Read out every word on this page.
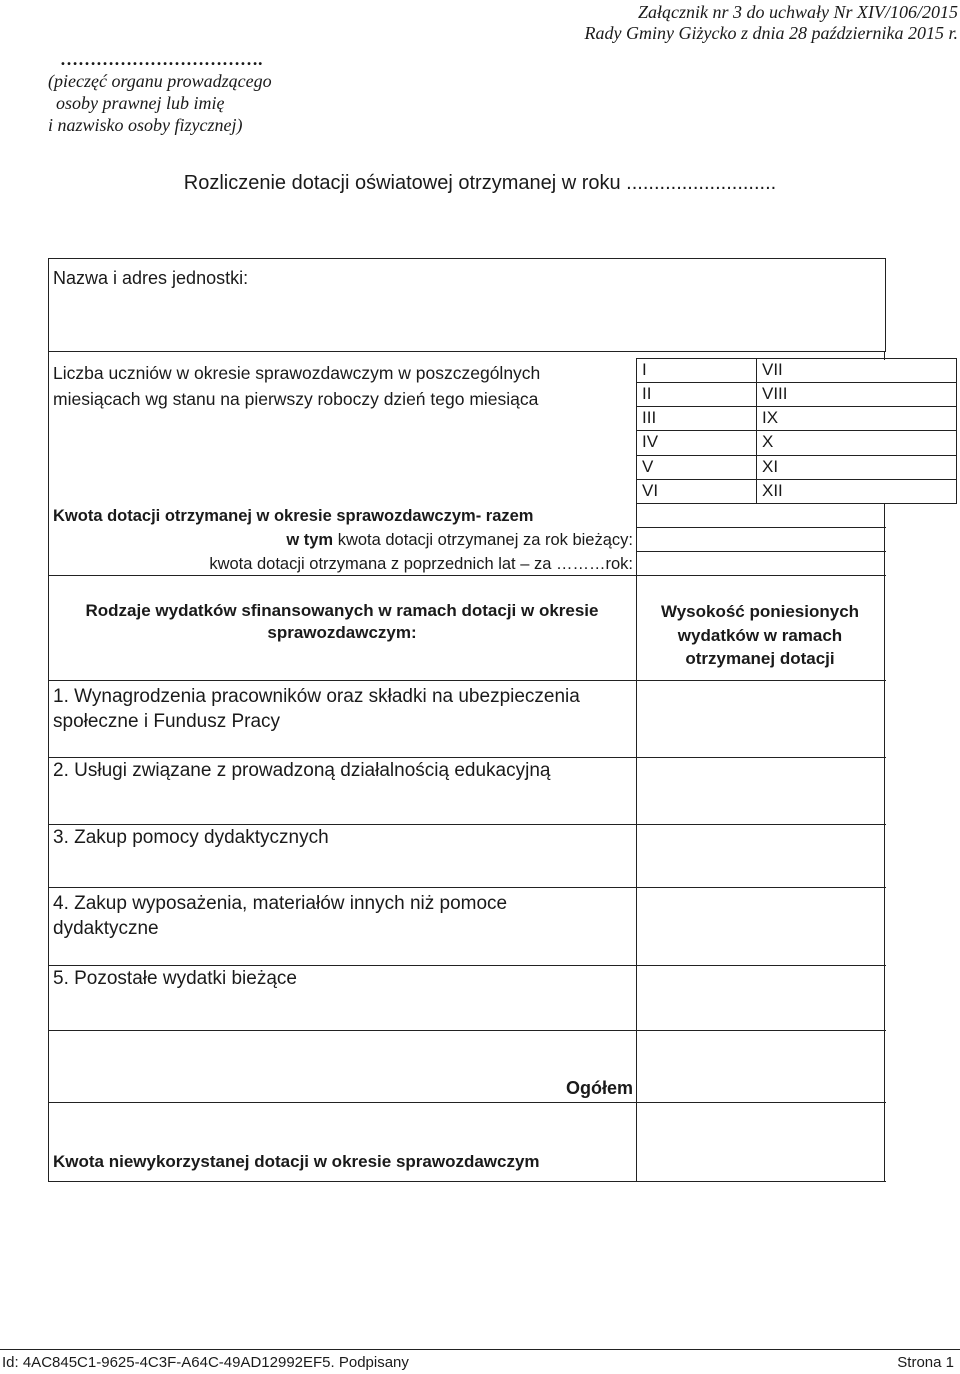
Załącznik nr 3 do uchwały Nr XIV/106/2015
Rady Gminy Giżycko z dnia 28 października 2015 r.
…………………………….
(pieczęć organu prowadzącego
osoby prawnej lub imię
i nazwisko osoby fizycznej)
Rozliczenie dotacji oświatowej otrzymanej w roku ...........................
Nazwa i adres jednostki:
Liczba uczniów w okresie sprawozdawczym w poszczególnych
miesiącach wg stanu na pierwszy roboczy dzień tego miesiąca
I
II
III
IV
V
VI
VII
VIII
IX
X
XI
XII
Kwota dotacji otrzymanej w okresie sprawozdawczym- razem
w tym kwota dotacji otrzymanej za rok bieżący:
kwota dotacji otrzymana z poprzednich lat – za ………rok:
Rodzaje wydatków sfinansowanych w ramach dotacji w okresie
sprawozdawczym:
Wysokość poniesionych
wydatków w ramach
otrzymanej dotacji
1. Wynagrodzenia pracowników oraz składki na ubezpieczenia
społeczne i Fundusz Pracy
2. Usługi związane z prowadzoną działalnością edukacyjną
3. Zakup pomocy dydaktycznych
4. Zakup wyposażenia, materiałów innych niż pomoce
dydaktyczne
5. Pozostałe wydatki bieżące
Ogółem
Kwota niewykorzystanej dotacji w okresie sprawozdawczym
Id: 4AC845C1-9625-4C3F-A64C-49AD12992EF5. Podpisany	Strona 1
